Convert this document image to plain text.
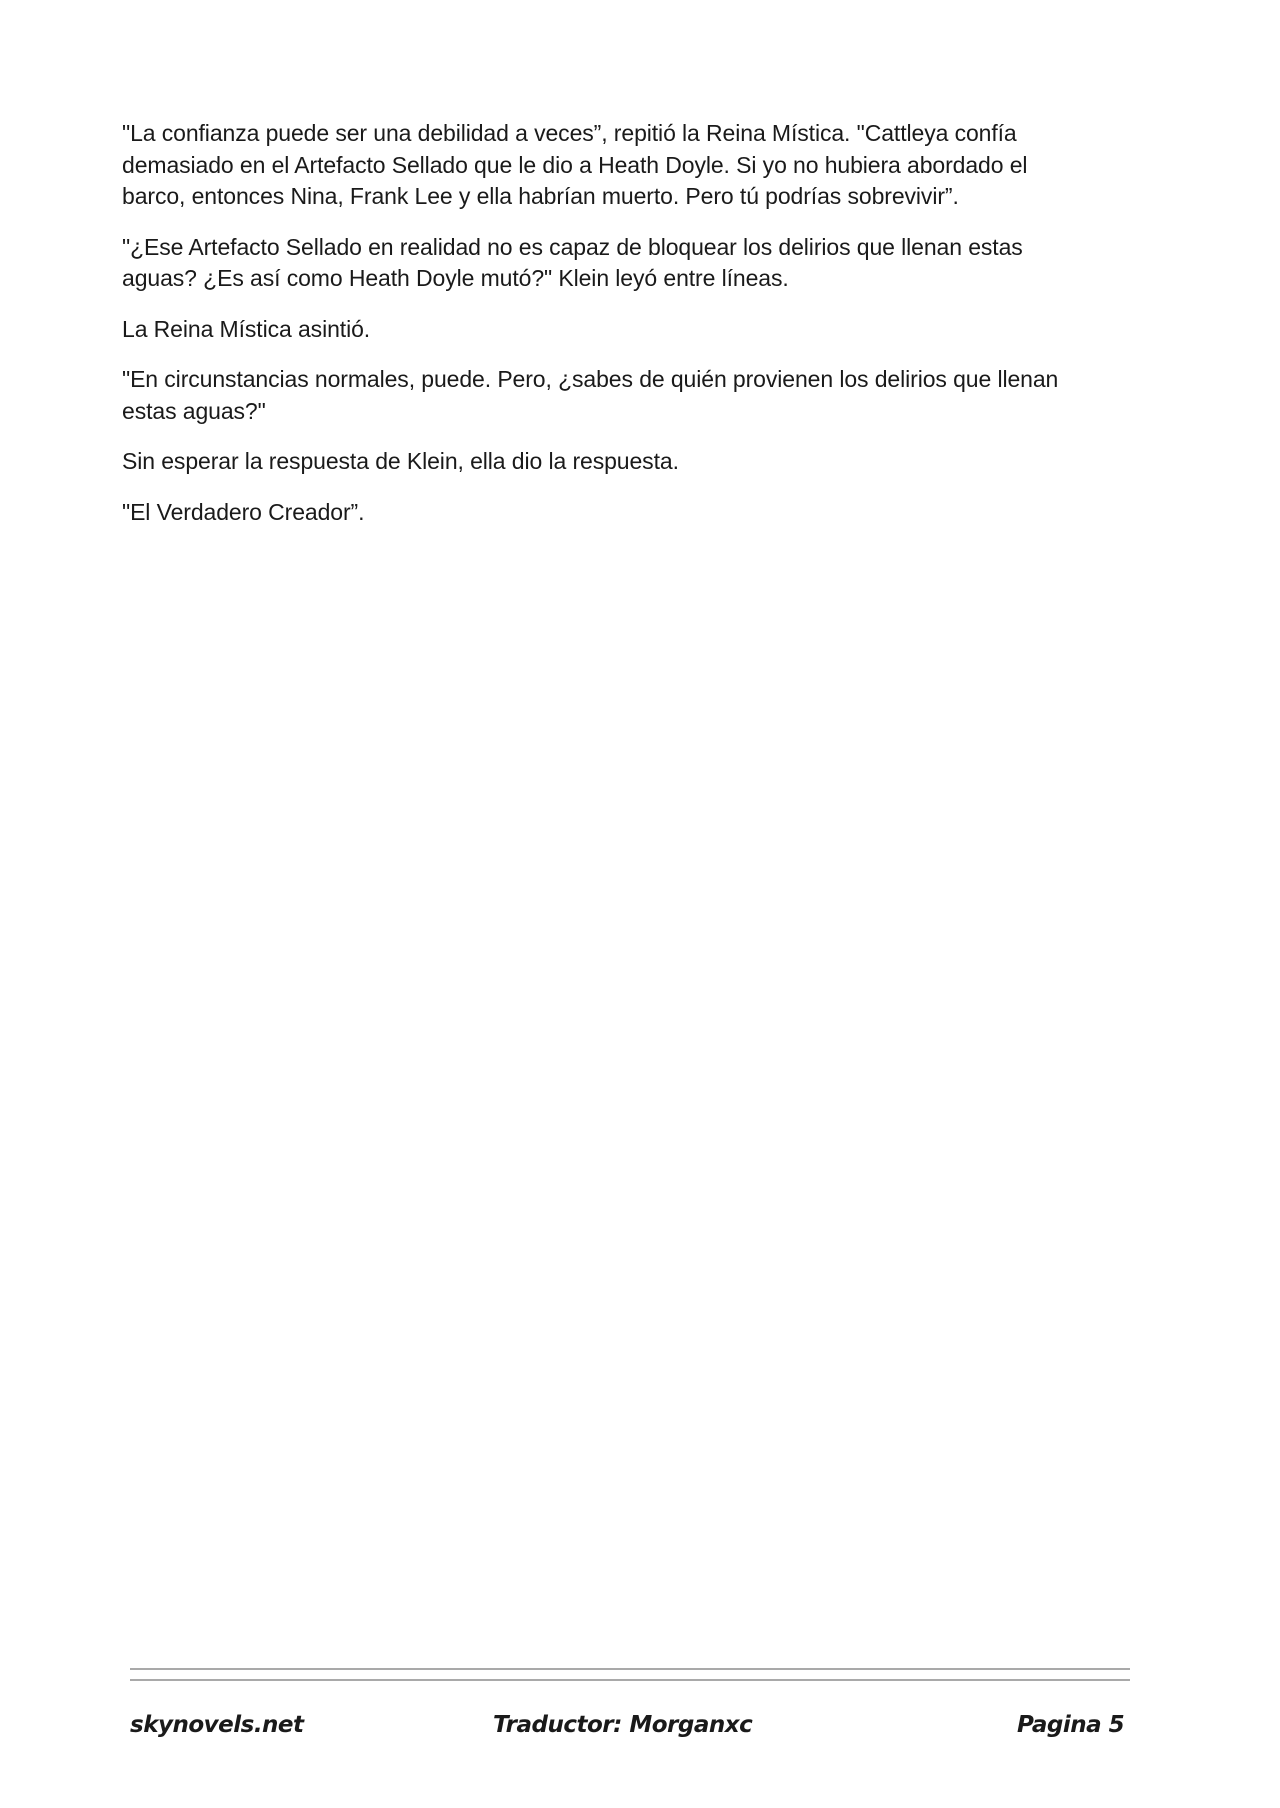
"La confianza puede ser una debilidad a veces”, repitió la Reina Mística. "Cattleya confía
demasiado en el Artefacto Sellado que le dio a Heath Doyle. Si yo no hubiera abordado el
barco, entonces Nina, Frank Lee y ella habrían muerto. Pero tú podrías sobrevivir”.

"¿Ese Artefacto Sellado en realidad no es capaz de bloquear los delirios que llenan estas
aguas? ¿Es así como Heath Doyle mutó?" Klein leyó entre líneas.

La Reina Mística asintió.

"En circunstancias normales, puede. Pero, ¿sabes de quién provienen los delirios que llenan
estas aguas?"

Sin esperar la respuesta de Klein, ella dio la respuesta.

"El Verdadero Creador”.

skynovels.net	Traductor: Morganxc	Pagina 5
